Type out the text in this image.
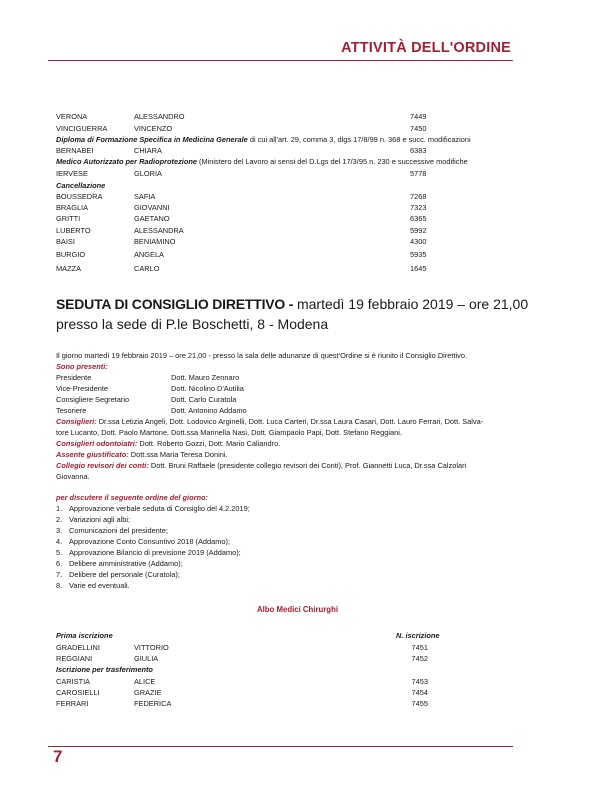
ATTIVITÀ DELL'ORDINE
VERONA	ALESSANDRO	7449
VINCIGUERRA	VINCENZO	7450
Diploma di Formazione Specifica in Medicina Generale di cui all'art. 29, comma 3, dlgs 17/8/99 n. 368 e succ. modificazioni
BERNABEI	CHIARA	6383
Medico Autorizzato per Radioprotezione (Ministero del Lavoro ai sensi del D.Lgs del 17/3/95 n. 230 e successive modifiche
IERVESE	GLORIA	5778
Cancellazione
BOUSSEDRA	SAFIA	7268
BRAGLIA	GIOVANNI	7323
GRITTI	GAETANO	6365
LUBERTO	ALESSANDRA	5992
BAISI	BENIAMINO	4300
BURGIO	ANGELA	5935
MAZZA	CARLO	1645
SEDUTA DI CONSIGLIO DIRETTIVO - martedì 19 febbraio 2019 – ore 21,00
presso la sede di P.le Boschetti, 8 - Modena
Il giorno martedì 19 febbraio 2019 – ore 21,00 - presso la sala delle adunanze di quest'Ordine si è riunito il Consiglio Direttivo.
Sono presenti:
Presidente	Dott. Mauro Zennaro
Vice-Presidente	Dott. Nicolino D'Autilia
Consigliere Segretario	Dott. Carlo Curatola
Tesoriere	Dott. Antonino Addamo
Consiglieri: Dr.ssa Letizia Angeli, Dott. Lodovico Arginelli, Dott. Luca Carteri, Dr.ssa Laura Casari, Dott. Lauro Ferrari, Dott. Salva-
tore Lucanto, Dott. Paolo Martone, Dott.ssa Marinella Nasi, Dott. Giampaolo Papi, Dott. Stefano Reggiani.
Consiglieri odontoiatri: Dott. Roberto Gozzi, Dott. Mario Caliandro.
Assente giustificato: Dott.ssa Maria Teresa Donini.
Collegio revisori dei conti: Dott. Bruni Raffaele (presidente collegio revisori dei Conti), Prof. Giannetti Luca, Dr.ssa Calzolari
Giovanna.
per discutere il seguente ordine del giorno:
1. Approvazione verbale seduta di Consiglio del 4.2.2019;
2. Variazioni agli albi;
3. Comunicazioni del presidente;
4. Approvazione Conto Consuntivo 2018 (Addamo);
5. Approvazione Bilancio di previsione 2019 (Addamo);
6. Delibere amministrative (Addamo);
7. Delibere del personale (Curatola);
8. Varie ed eventuali.
Albo Medici Chirurghi
Prima iscrizione	N. iscrizione
GRADELLINI	VITTORIO	7451
REGGIANI	GIULIA	7452
Iscrizione per trasferimento
CARISTIA	ALICE	7453
CAROSIELLI	GRAZIE	7454
FERRARI	FEDERICA	7455
7
